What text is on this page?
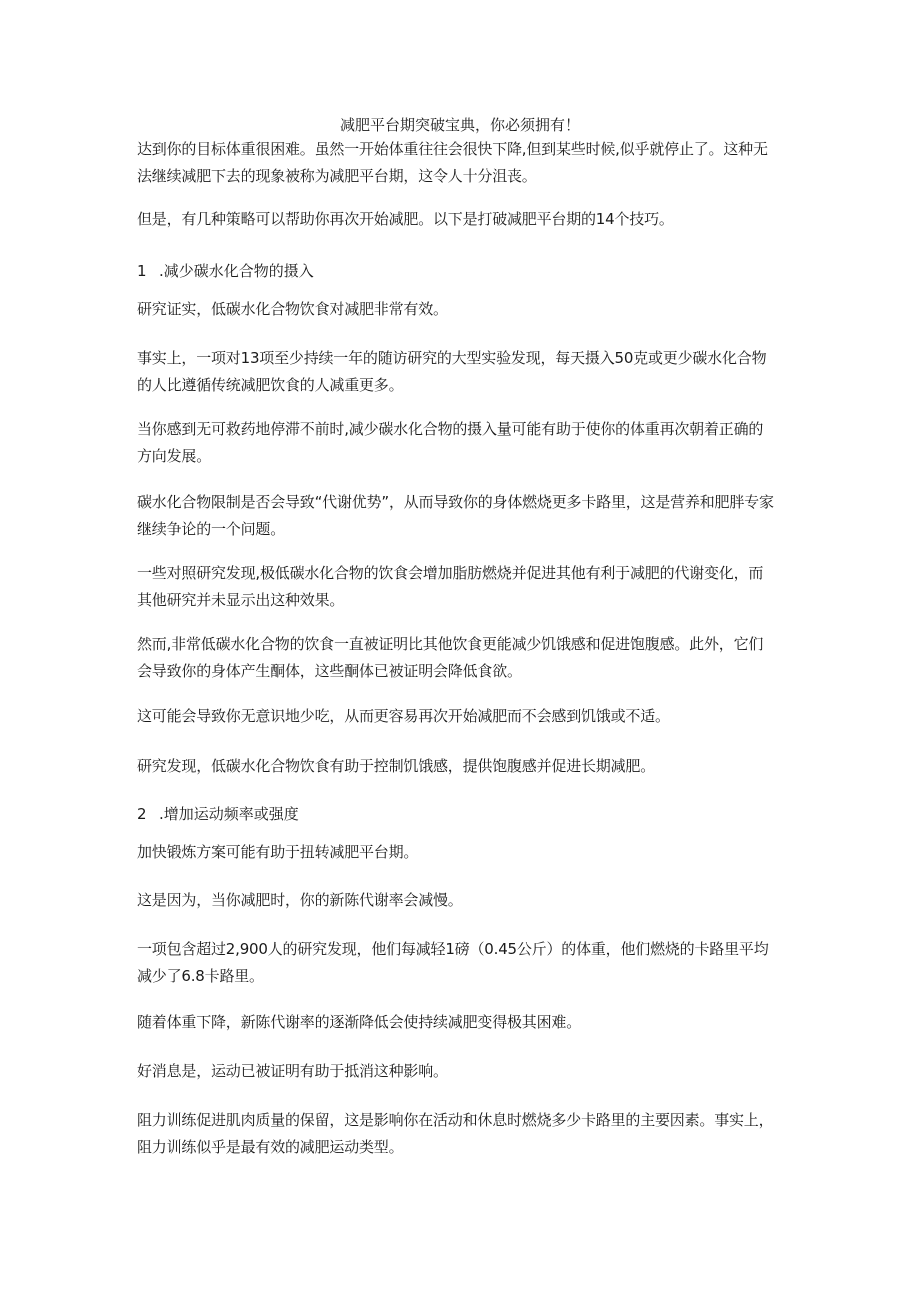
减肥平台期突破宝典，你必须拥有！

达到你的目标体重很困难。虽然一开始体重往往会很快下降,但到某些时候,似乎就停止了。这种无法继续减肥下去的现象被称为减肥平台期，这令人十分沮丧。

但是，有几种策略可以帮助你再次开始减肥。以下是打破减肥平台期的14个技巧。

1 .减少碳水化合物的摄入

研究证实，低碳水化合物饮食对减肥非常有效。

事实上，一项对13项至少持续一年的随访研究的大型实验发现，每天摄入50克或更少碳水化合物的人比遵循传统减肥饮食的人减重更多。

当你感到无可救药地停滞不前时,减少碳水化合物的摄入量可能有助于使你的体重再次朝着正确的方向发展。

碳水化合物限制是否会导致“代谢优势”，从而导致你的身体燃烧更多卡路里，这是营养和肥胖专家继续争论的一个问题。

一些对照研究发现,极低碳水化合物的饮食会增加脂肪燃烧并促进其他有利于减肥的代谢变化，而其他研究并未显示出这种效果。

然而,非常低碳水化合物的饮食一直被证明比其他饮食更能减少饥饿感和促进饱腹感。此外，它们会导致你的身体产生酮体，这些酮体已被证明会降低食欲。

这可能会导致你无意识地少吃，从而更容易再次开始减肥而不会感到饥饿或不适。

研究发现，低碳水化合物饮食有助于控制饥饿感，提供饱腹感并促进长期减肥。

2 .增加运动频率或强度

加快锻炼方案可能有助于扭转减肥平台期。

这是因为，当你减肥时，你的新陈代谢率会减慢。

一项包含超过2,900人的研究发现，他们每减轻1磅（0.45公斤）的体重，他们燃烧的卡路里平均减少了6.8卡路里。

随着体重下降，新陈代谢率的逐渐降低会使持续减肥变得极其困难。

好消息是，运动已被证明有助于抵消这种影响。

阻力训练促进肌肉质量的保留，这是影响你在活动和休息时燃烧多少卡路里的主要因素。事实上，阻力训练似乎是最有效的减肥运动类型。
